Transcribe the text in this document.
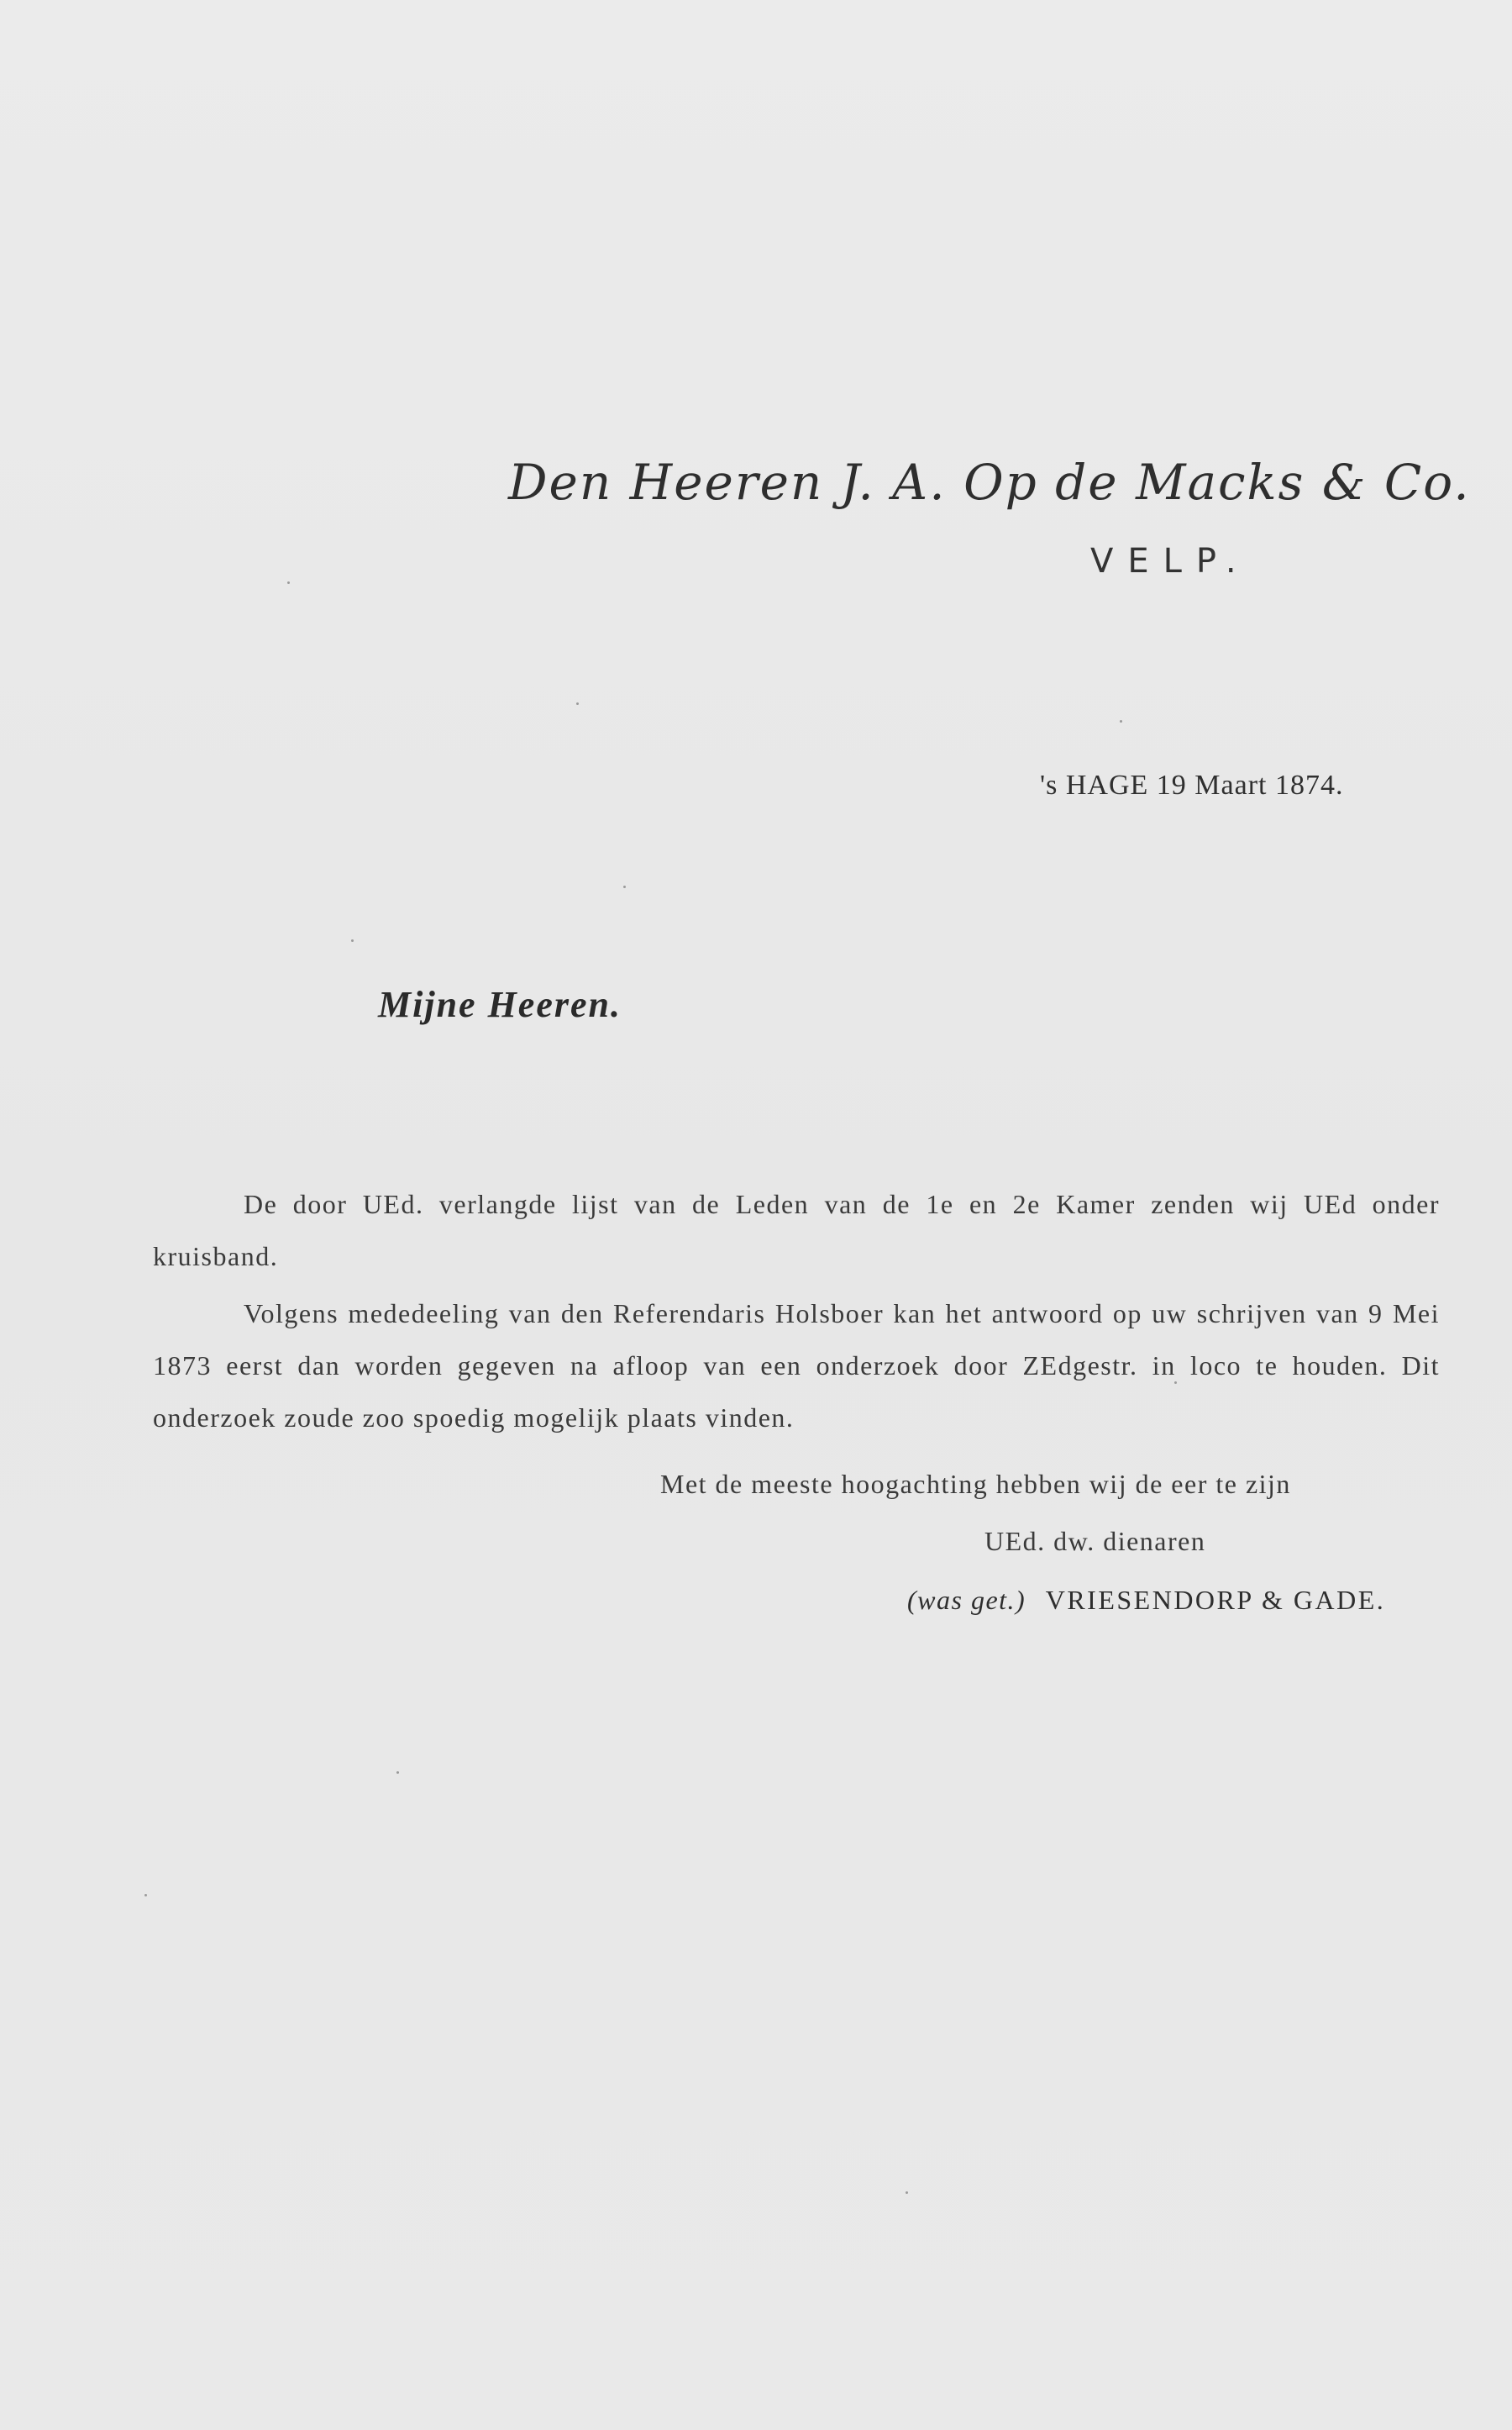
Den Heeren J. A. Op de Macks & Co.
VELP.
's HAGE 19 Maart 1874.
Mijne Heeren.

De door UEd. verlangde lijst van de Leden van de 1e en 2e Kamer zenden wij UEd onder kruisband.

Volgens mededeeling van den Referendaris Holsboer kan het antwoord op uw schrijven van 9 Mei 1873 eerst dan worden gegeven na afloop van een onderzoek door ZEdgestr. in loco te houden. Dit onderzoek zoude zoo spoedig mogelijk plaats vinden.

Met de meeste hoogachting hebben wij de eer te zijn
UEd. dw. dienaren
(was get.) VRIESENDORP & GADE.
